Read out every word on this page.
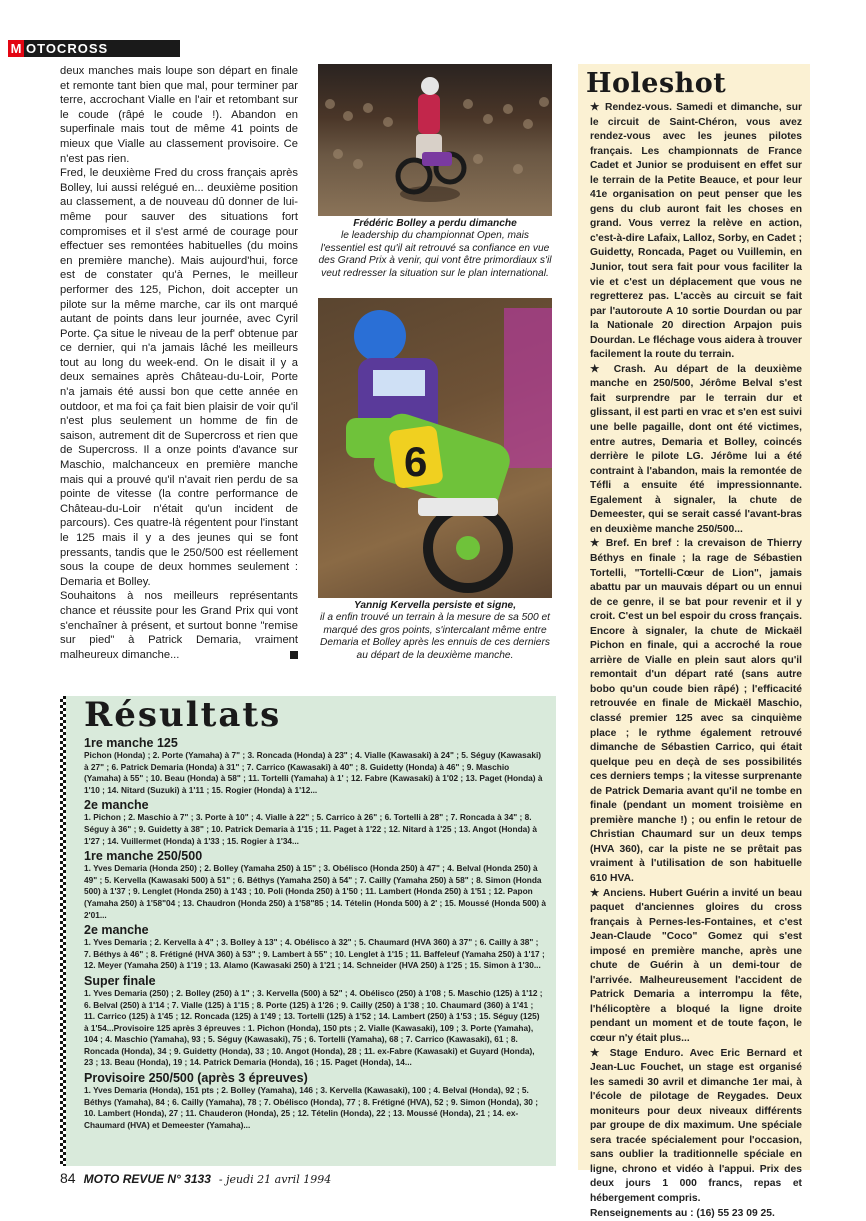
M OTOCROSS

deux manches mais loupe son départ en finale et remonte tant bien que mal, pour terminer par terre, accrochant Vialle en l'air et retombant sur le coude (râpé le coude !). Abandon en superfinale mais tout de même 41 points de mieux que Vialle au classement provisoire. Ce n'est pas rien.

Fred, le deuxième Fred du cross français après Bolley, lui aussi relégué en... deuxième position au classement, a de nouveau dû donner de lui-même pour sauver des situations fort compromises et il s'est armé de courage pour effectuer ses remontées habituelles (du moins en première manche). Mais aujourd'hui, force est de constater qu'à Pernes, le meilleur performer des 125, Pichon, doit accepter un pilote sur la même marche, car ils ont marqué autant de points dans leur journée, avec Cyril Porte. Ça situe le niveau de la perf' obtenue par ce dernier, qui n'a jamais lâché les meilleurs tout au long du week-end. On le disait il y a deux semaines après Château-du-Loir, Porte n'a jamais été aussi bon que cette année en outdoor, et ma foi ça fait bien plaisir de voir qu'il n'est plus seulement un homme de fin de saison, autrement dit de Supercross et rien que de Supercross. Il a onze points d'avance sur Maschio, malchanceux en première manche mais qui a prouvé qu'il n'avait rien perdu de sa pointe de vitesse (la contre performance de Château-du-Loir n'était qu'un incident de parcours). Ces quatre-là régentent pour l'instant le 125 mais il y a des jeunes qui se font pressants, tandis que le 250/500 est réellement sous la coupe de deux hommes seulement : Demaria et Bolley.

Souhaitons à nos meilleurs représentants chance et réussite pour les Grand Prix qui vont s'enchaîner à présent, et surtout bonne "remise sur pied" à Patrick Demaria, vraiment malheureux dimanche...

Frédéric Bolley a perdu dimanche
le leadership du championnat Open, mais l'essentiel est qu'il ait retrouvé sa confiance en vue des Grand Prix à venir, qui vont être primordiaux s'il veut redresser la situation sur le plan international.
6
Yannig Kervella persiste et signe,
il a enfin trouvé un terrain à la mesure de sa 500 et marqué des gros points, s'intercalant même entre Demaria et Bolley après les ennuis de ces derniers au départ de la deuxième manche.
Holeshot
★ Rendez-vous. Samedi et dimanche, sur le circuit de Saint-Chéron, vous avez rendez-vous avec les jeunes pilotes français. Les championnats de France Cadet et Junior se produisent en effet sur le terrain de la Petite Beauce, et pour leur 41e organisation on peut penser que les gens du club auront fait les choses en grand. Vous verrez la relève en action, c'est-à-dire Lafaix, Lalloz, Sorby, en Cadet ; Guidetty, Roncada, Paget ou Vuillemin, en Junior, tout sera fait pour vous faciliter la vie et c'est un déplacement que vous ne regretterez pas. L'accès au circuit se fait par l'autoroute A 10 sortie Dourdan ou par la Nationale 20 direction Arpajon puis Dourdan. Le fléchage vous aidera à trouver facilement la route du terrain.
★ Crash. Au départ de la deuxième manche en 250/500, Jérôme Belval s'est fait surprendre par le terrain dur et glissant, il est parti en vrac et s'en est suivi une belle pagaille, dont ont été victimes, entre autres, Demaria et Bolley, coincés derrière le pilote LG. Jérôme lui a été contraint à l'abandon, mais la remontée de Téfli a ensuite été impressionnante. Egalement à signaler, la chute de Demeester, qui se serait cassé l'avant-bras en deuxième manche 250/500...
★ Bref. En bref : la crevaison de Thierry Béthys en finale ; la rage de Sébastien Tortelli, "Tortelli-Cœur de Lion", jamais abattu par un mauvais départ ou un ennui de ce genre, il se bat pour revenir et il y croit. C'est un bel espoir du cross français. Encore à signaler, la chute de Mickaël Pichon en finale, qui a accroché la roue arrière de Vialle en plein saut alors qu'il remontait d'un départ raté (sans autre bobo qu'un coude bien râpé) ; l'efficacité retrouvée en finale de Mickaël Maschio, classé premier 125 avec sa cinquième place ; le rythme également retrouvé dimanche de Sébastien Carrico, qui était quelque peu en deçà de ses possibilités ces derniers temps ; la vitesse surprenante de Patrick Demaria avant qu'il ne tombe en finale (pendant un moment troisième en première manche !) ; ou enfin le retour de Christian Chaumard sur un deux temps (HVA 360), car la piste ne se prêtait pas vraiment à l'utilisation de son habituelle 610 HVA.
★ Anciens. Hubert Guérin a invité un beau paquet d'anciennes gloires du cross français à Pernes-les-Fontaines, et c'est Jean-Claude "Coco" Gomez qui s'est imposé en première manche, après une chute de Guérin à un demi-tour de l'arrivée. Malheureusement l'accident de Patrick Demaria a interrompu la fête, l'hélicoptère a bloqué la ligne droite pendant un moment et de toute façon, le cœur n'y était plus...
★ Stage Enduro. Avec Eric Bernard et Jean-Luc Fouchet, un stage est organisé les samedi 30 avril et dimanche 1er mai, à l'école de pilotage de Reygades. Deux moniteurs pour deux niveaux différents par groupe de dix maximum. Une spéciale sera tracée spécialement pour l'occasion, sans oublier la traditionnelle spéciale en ligne, chrono et vidéo à l'appui. Prix des deux jours 1 000 francs, repas et hébergement compris.
Renseignements au : (16) 55 23 09 25.
Résultats
1re manche 125
Pichon (Honda) ; 2. Porte (Yamaha) à 7" ; 3. Roncada (Honda) à 23" ; 4. Vialle (Kawasaki) à 24" ; 5. Séguy (Kawasaki) à 27" ; 6. Patrick Demaria (Honda) à 31" ; 7. Carrico (Kawasaki) à 40" ; 8. Guidetty (Honda) à 46" ; 9. Maschio (Yamaha) à 55" ; 10. Beau (Honda) à 58" ; 11. Tortelli (Yamaha) à 1' ; 12. Fabre (Kawasaki) à 1'02 ; 13. Paget (Honda) à 1'10 ; 14. Nitard (Suzuki) à 1'11 ; 15. Rogier (Honda) à 1'12...
2e manche
1. Pichon ; 2. Maschio à 7" ; 3. Porte à 10" ; 4. Vialle à 22" ; 5. Carrico à 26" ; 6. Tortelli à 28" ; 7. Roncada à 34" ; 8. Séguy à 36" ; 9. Guidetty à 38" ; 10. Patrick Demaria à 1'15 ; 11. Paget à 1'22 ; 12. Nitard à 1'25 ; 13. Angot (Honda) à 1'27 ; 14. Vuillermet (Honda) à 1'33 ; 15. Rogier à 1'34...
1re manche 250/500
1. Yves Demaria (Honda 250) ; 2. Bolley (Yamaha 250) à 15" ; 3. Obélisco (Honda 250) à 47" ; 4. Belval (Honda 250) à 49" ; 5. Kervella (Kawasaki 500) à 51" ; 6. Béthys (Yamaha 250) à 54" ; 7. Cailly (Yamaha 250) à 58" ; 8. Simon (Honda 500) à 1'37 ; 9. Lenglet (Honda 250) à 1'43 ; 10. Poli (Honda 250) à 1'50 ; 11. Lambert (Honda 250) à 1'51 ; 12. Papon (Yamaha 250) à 1'58"04 ; 13. Chaudron (Honda 250) à 1'58"85 ; 14. Tételin (Honda 500) à 2' ; 15. Moussé (Honda 500) à 2'01...
2e manche
1. Yves Demaria ; 2. Kervella à 4" ; 3. Bolley à 13" ; 4. Obélisco à 32" ; 5. Chaumard (HVA 360) à 37" ; 6. Cailly à 38" ; 7. Béthys à 46" ; 8. Frétigné (HVA 360) à 53" ; 9. Lambert à 55" ; 10. Lenglet à 1'15 ; 11. Baffeleuf (Yamaha 250) à 1'17 ; 12. Meyer (Yamaha 250) à 1'19 ; 13. Alamo (Kawasaki 250) à 1'21 ; 14. Schneider (HVA 250) à 1'25 ; 15. Simon à 1'30...
Super finale
1. Yves Demaria (250) ; 2. Bolley (250) à 1" ; 3. Kervella (500) à 52" ; 4. Obélisco (250) à 1'08 ; 5. Maschio (125) à 1'12 ; 6. Belval (250) à 1'14 ; 7. Vialle (125) à 1'15 ; 8. Porte (125) à 1'26 ; 9. Cailly (250) à 1'38 ; 10. Chaumard (360) à 1'41 ; 11. Carrico (125) à 1'45 ; 12. Roncada (125) à 1'49 ; 13. Tortelli (125) à 1'52 ; 14. Lambert (250) à 1'53 ; 15. Séguy (125) à 1'54...Provisoire 125 après 3 épreuves : 1. Pichon (Honda), 150 pts ; 2. Vialle (Kawasaki), 109 ; 3. Porte (Yamaha), 104 ; 4. Maschio (Yamaha), 93 ; 5. Séguy (Kawasaki), 75 ; 6. Tortelli (Yamaha), 68 ; 7. Carrico (Kawasaki), 61 ; 8. Roncada (Honda), 34 ; 9. Guidetty (Honda), 33 ; 10. Angot (Honda), 28 ; 11. ex-Fabre (Kawasaki) et Guyard (Honda), 23 ; 13. Beau (Honda), 19 ; 14. Patrick Demaria (Honda), 16 ; 15. Paget (Honda), 14...
Provisoire 250/500 (après 3 épreuves)
1. Yves Demaria (Honda), 151 pts ; 2. Bolley (Yamaha), 146 ; 3. Kervella (Kawasaki), 100 ; 4. Belval (Honda), 92 ; 5. Béthys (Yamaha), 84 ; 6. Cailly (Yamaha), 78 ; 7. Obélisco (Honda), 77 ; 8. Frétigné (HVA), 52 ; 9. Simon (Honda), 30 ; 10. Lambert (Honda), 27 ; 11. Chauderon (Honda), 25 ; 12. Tételin (Honda), 22 ; 13. Moussé (Honda), 21 ; 14. ex-Chaumard (HVA) et Demeester (Yamaha)...
84 MOTO REVUE N° 3133 - jeudi 21 avril 1994
